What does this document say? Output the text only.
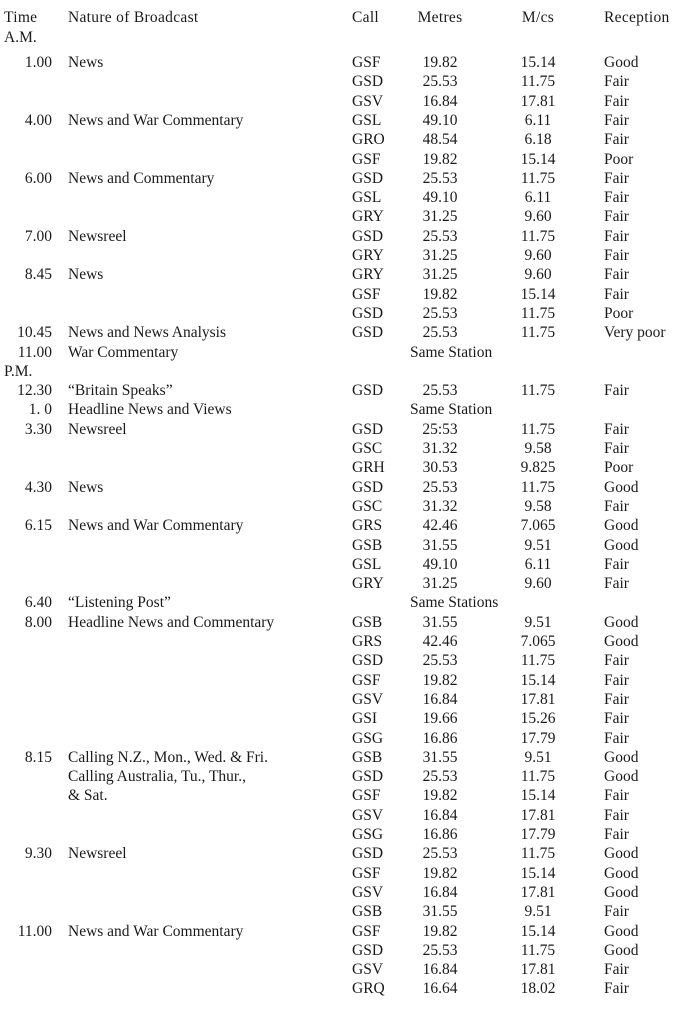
Time	Nature of Broadcast	Call	Metres	M/cs	Reception
A.M.
1.00 News	GSF	19.82	15.14	Good
GSD	25.53	11.75	Fair
GSV	16.84	17.81	Fair
4.00 News and War Commentary	GSL	49.10	6.11	Fair
GRO	48.54	6.18	Fair
GSF	19.82	15.14	Poor
6.00 News and Commentary	GSD	25.53	11.75	Fair
GSL	49.10	6.11	Fair
GRY	31.25	9.60	Fair
7.00 Newsreel	GSD	25.53	11.75	Fair
GRY	31.25	9.60	Fair
8.45 News	GRY	31.25	9.60	Fair
GSF	19.82	15.14	Fair
GSD	25.53	11.75	Poor
10.45 News and News Analysis	GSD	25.53	11.75	Very poor
11.00 War Commentary	Same Station
P.M.
12.30 “Britain Speaks”	GSD	25.53	11.75	Fair
1. 0 Headline News and Views	Same Station
3.30 Newsreel	GSD	25:53	11.75	Fair
GSC	31.32	9.58	Fair
GRH	30.53	9.825	Poor
4.30 News	GSD	25.53	11.75	Good
GSC	31.32	9.58	Fair
6.15 News and War Commentary	GRS	42.46	7.065	Good
GSB	31.55	9.51	Good
GSL	49.10	6.11	Fair
GRY	31.25	9.60	Fair
6.40 “Listening Post”	Same Stations
8.00 Headline News and Commentary	GSB	31.55	9.51	Good
GRS	42.46	7.065	Good
GSD	25.53	11.75	Fair
GSF	19.82	15.14	Fair
GSV	16.84	17.81	Fair
GSI	19.66	15.26	Fair
GSG	16.86	17.79	Fair
8.15 Calling N.Z., Mon., Wed. & Fri.	GSB	31.55	9.51	Good
Calling Australia, Tu., Thur.,	GSD	25.53	11.75	Good
& Sat.	GSF	19.82	15.14	Fair
GSV	16.84	17.81	Fair
GSG	16.86	17.79	Fair
9.30 Newsreel	GSD	25.53	11.75	Good
GSF	19.82	15.14	Good
GSV	16.84	17.81	Good
GSB	31.55	9.51	Fair
11.00 News and War Commentary	GSF	19.82	15.14	Good
GSD	25.53	11.75	Good
GSV	16.84	17.81	Fair
GRQ	16.64	18.02	Fair
